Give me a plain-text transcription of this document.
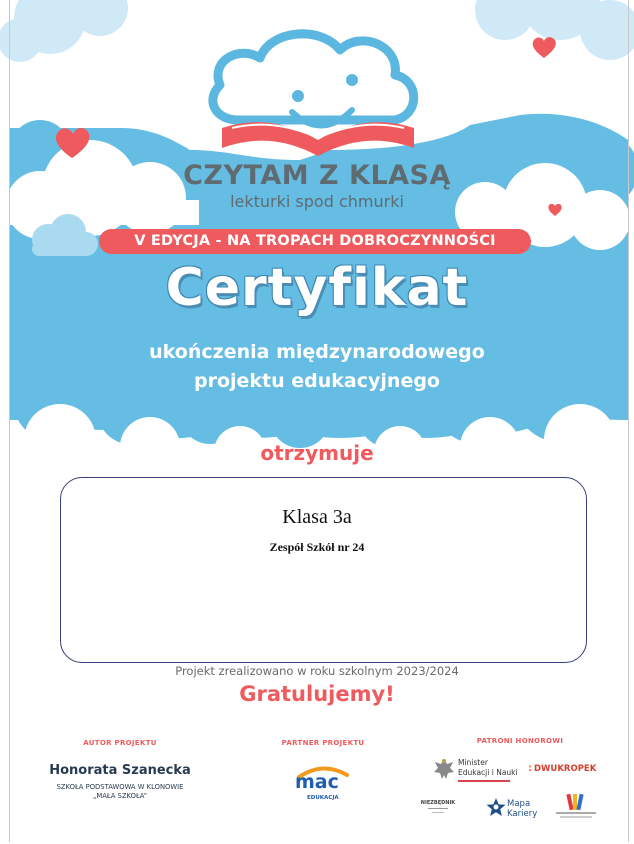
CZYTAM Z KLASĄ
lekturki spod chmurki
V EDYCJA - NA TROPACH DOBROCZYNNOŚCI
Certyfikat
ukończenia międzynarodowego
projektu edukacyjnego
otrzymuje
Klasa 3a
Zespół Szkół nr 24
Projekt zrealizowano w roku szkolnym 2023/2024
Gratulujemy!
AUTOR PROJEKTU
Honorata Szanecka
SZKOŁA PODSTAWOWA W KLONOWIE
„MAŁA SZKOŁA”
PARTNER PROJEKTU
mac
EDUKACJA
PATRONI HONOROWI
Minister
Edukacji i Nauki : DWUKROPEK
NIEZBĘDNIK	Mapa
Kariery
